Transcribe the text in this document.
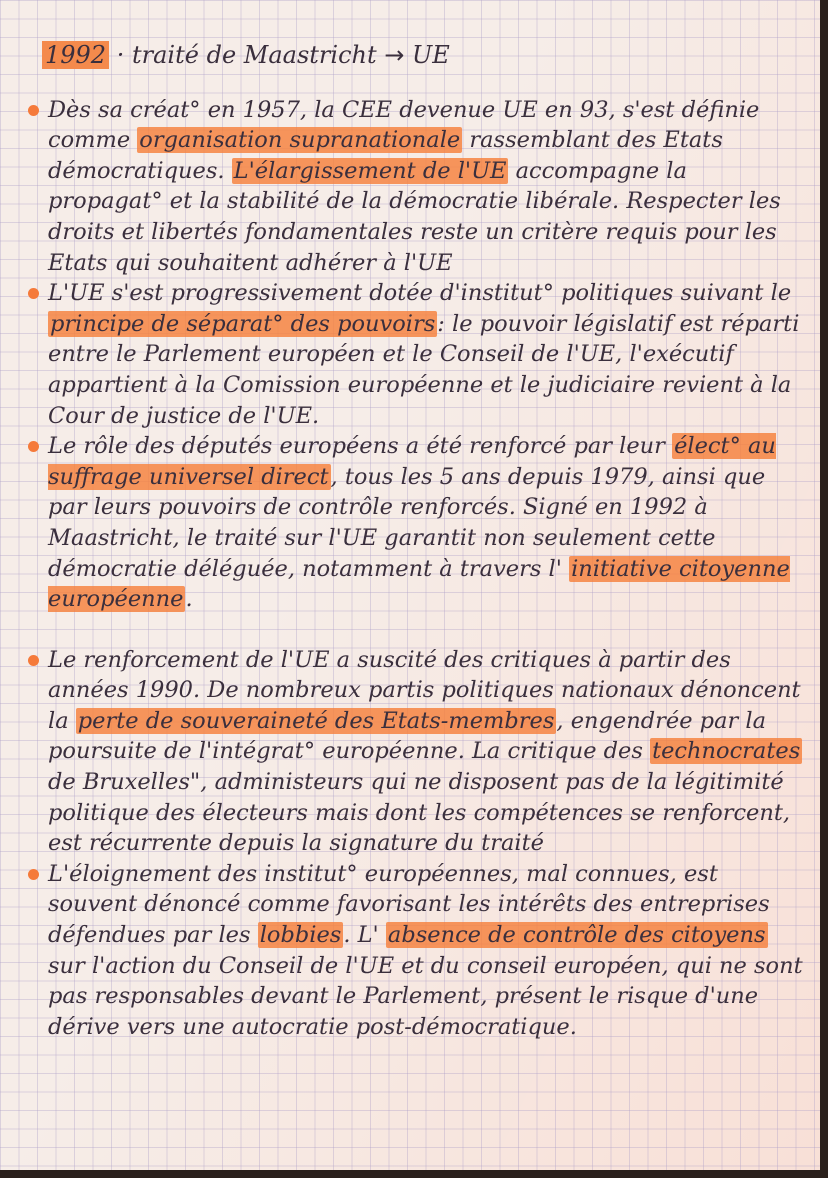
1992 · traité de Maastricht → UE

Dès sa créat° en 1957, la CEE devenue UE en 93, s'est définie comme organisation supranationale rassemblant des Etats démocratiques. L'élargissement de l'UE accompagne la propagat° et la stabilité de la démocratie libérale. Respecter les droits et libertés fondamentales reste un critère requis pour les Etats qui souhaitent adhérer à l'UE

L'UE s'est progressivement dotée d'institut° politiques suivant le principe de séparat° des pouvoirs: le pouvoir législatif est réparti entre le Parlement européen et le Conseil de l'UE, l'exécutif appartient à la Comission européenne et le judiciaire revient à la Cour de justice de l'UE.

Le rôle des députés européens a été renforcé par leur élect° au suffrage universel direct, tous les 5 ans depuis 1979, ainsi que par leurs pouvoirs de contrôle renforcés. Signé en 1992 à Maastricht, le traité sur l'UE garantit non seulement cette démocratie déléguée, notamment à travers l' initiative citoyenne européenne.

Le renforcement de l'UE a suscité des critiques à partir des années 1990. De nombreux partis politiques nationaux dénoncent la perte de souveraineté des Etats-membres, engendrée par la poursuite de l'intégrat° européenne. La critique des technocrates de Bruxelles", administeurs qui ne disposent pas de la légitimité politique des électeurs mais dont les compétences se renforcent, est récurrente depuis la signature du traité

L'éloignement des institut° européennes, mal connues, est souvent dénoncé comme favorisant les intérêts des entreprises défendues par les lobbies. L' absence de contrôle des citoyens sur l'action du Conseil de l'UE et du conseil européen, qui ne sont pas responsables devant le Parlement, présent le risque d'une dérive vers une autocratie post-démocratique.
